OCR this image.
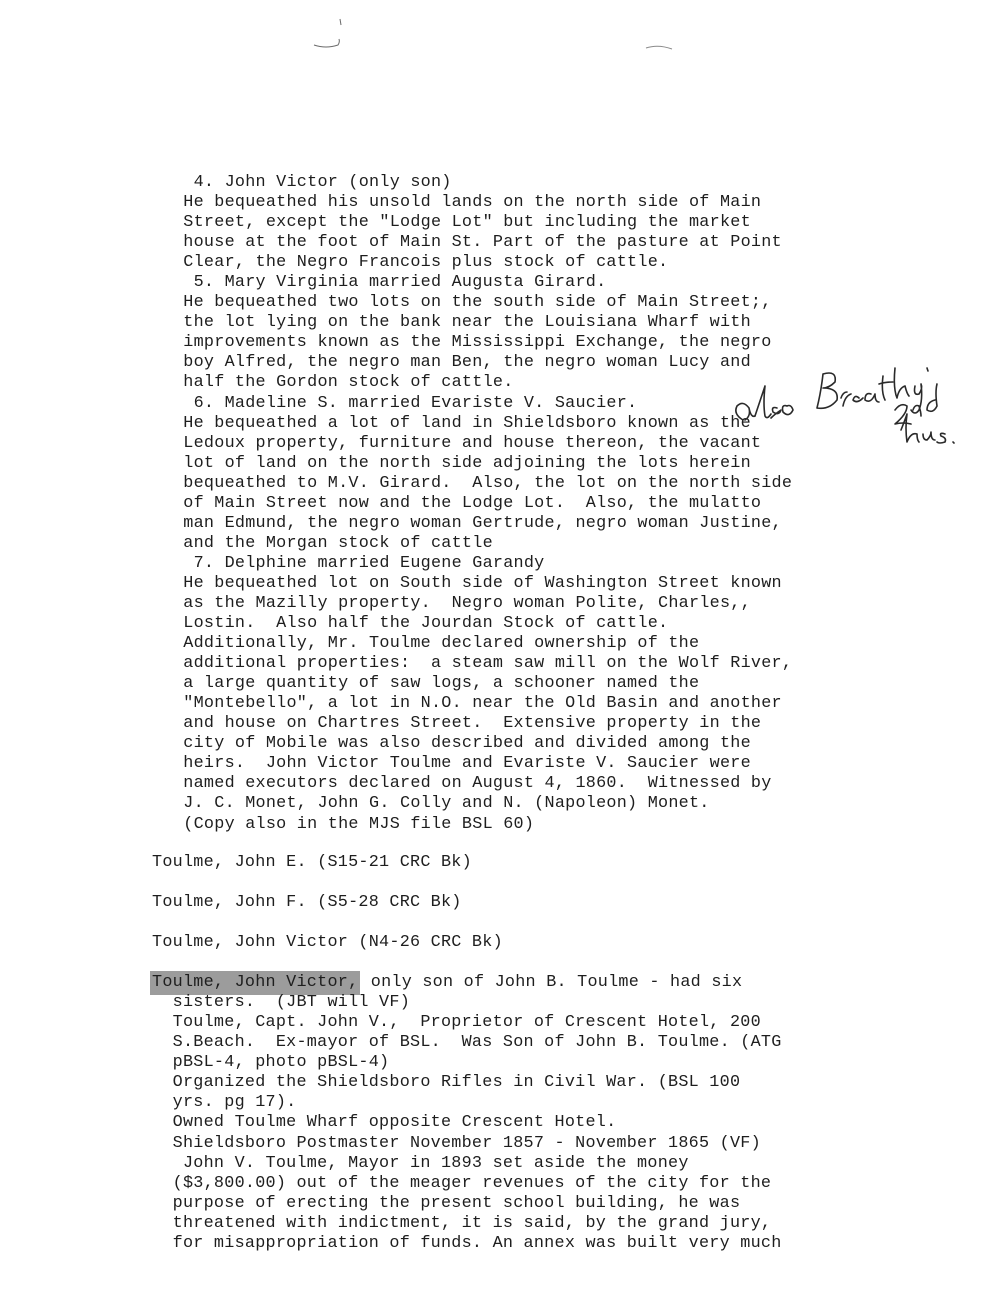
4. John Victor (only son)
He bequeathed his unsold lands on the north side of Main
Street, except the "Lodge Lot" but including the market
house at the foot of Main St. Part of the pasture at Point
Clear, the Negro Francois plus stock of cattle.
5. Mary Virginia married Augusta Girard.
He bequeathed two lots on the south side of Main Street;,
the lot lying on the bank near the Louisiana Wharf with
improvements known as the Mississippi Exchange, the negro
boy Alfred, the negro man Ben, the negro woman Lucy and
half the Gordon stock of cattle.
6. Madeline S. married Evariste V. Saucier.
He bequeathed a lot of land in Shieldsboro known as the
Ledoux property, furniture and house thereon, the vacant
lot of land on the north side adjoining the lots herein
bequeathed to M.V. Girard.  Also, the lot on the north side
of Main Street now and the Lodge Lot.  Also, the mulatto
man Edmund, the negro woman Gertrude, negro woman Justine,
and the Morgan stock of cattle
7. Delphine married Eugene Garandy
He bequeathed lot on South side of Washington Street known
as the Mazilly property.  Negro woman Polite, Charles,,
Lostin.  Also half the Jourdan Stock of cattle.
Additionally, Mr. Toulme declared ownership of the
additional properties:  a steam saw mill on the Wolf River,
a large quantity of saw logs, a schooner named the
"Montebello", a lot in N.O. near the Old Basin and another
and house on Chartres Street.  Extensive property in the
city of Mobile was also described and divided among the
heirs.  John Victor Toulme and Evariste V. Saucier were
named executors declared on August 4, 1860.  Witnessed by
J. C. Monet, John G. Colly and N. (Napoleon) Monet.
(Copy also in the MJS file BSL 60)
Toulme, John E. (S15-21 CRC Bk)
Toulme, John F. (S5-28 CRC Bk)
Toulme, John Victor (N4-26 CRC Bk)
Toulme, John Victor, only son of John B. Toulme - had six
sisters.  (JBT will VF)
Toulme, Capt. John V.,  Proprietor of Crescent Hotel, 200
S.Beach.  Ex-mayor of BSL.  Was Son of John B. Toulme. (ATG
pBSL-4, photo pBSL-4)
Organized the Shieldsboro Rifles in Civil War. (BSL 100
yrs. pg 17).
Owned Toulme Wharf opposite Crescent Hotel.
Shieldsboro Postmaster November 1857 - November 1865 (VF)
John V. Toulme, Mayor in 1893 set aside the money
($3,800.00) out of the meager revenues of the city for the
purpose of erecting the present school building, he was
threatened with indictment, it is said, by the grand jury,
for misappropriation of funds. An annex was built very much
